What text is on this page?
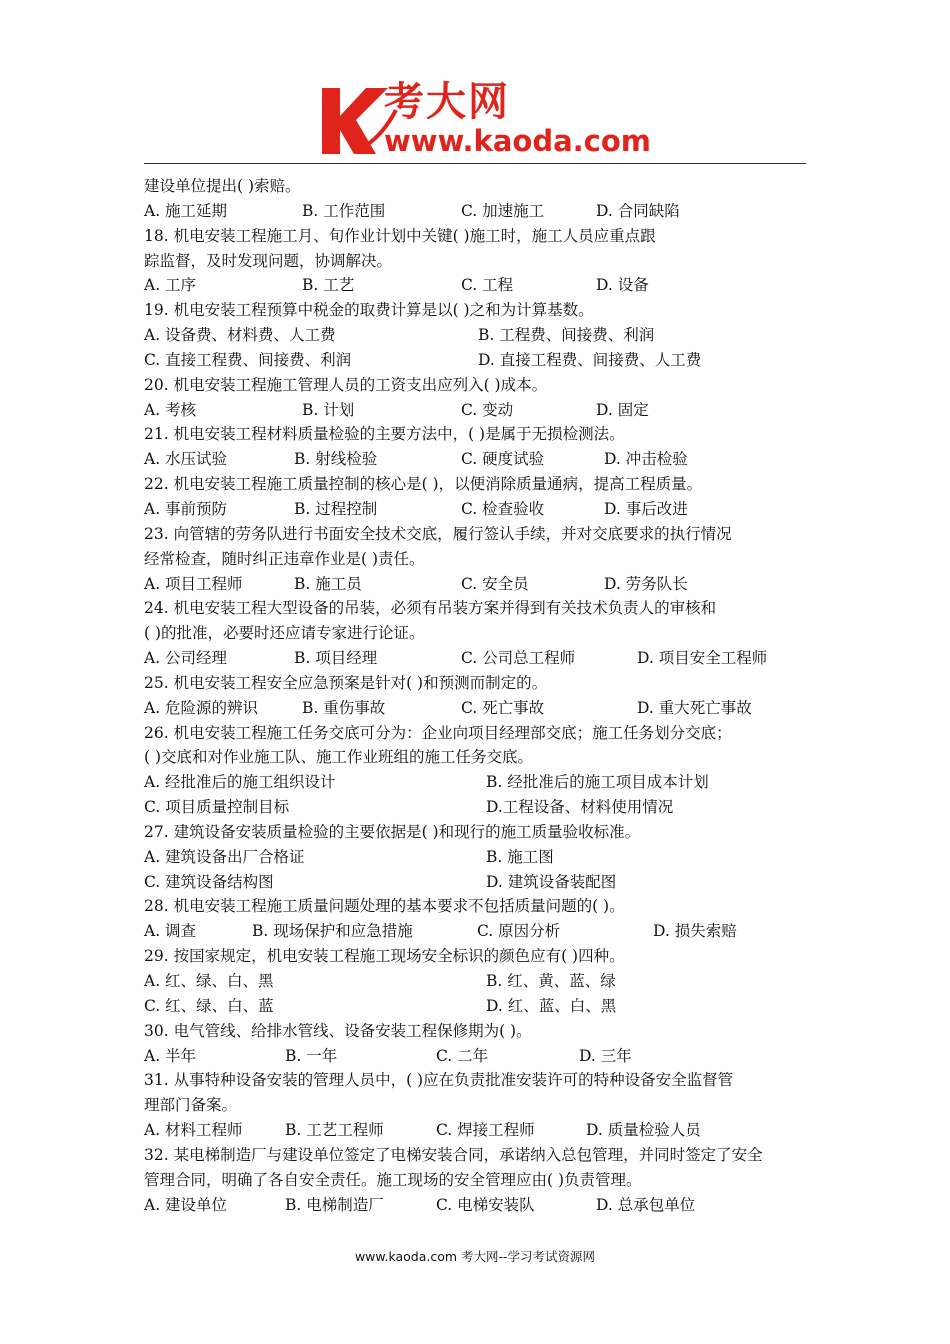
考大网
www.kaoda.com
建设单位提出( )索赔。
A. 施工延期	B. 工作范围	C. 加速施工	D. 合同缺陷
18. 机电安装工程施工月、旬作业计划中关键( )施工时，施工人员应重点跟
踪监督，及时发现问题，协调解决。
A. 工序	B. 工艺	C. 工程	D. 设备
19. 机电安装工程预算中税金的取费计算是以( )之和为计算基数。
A. 设备费、材料费、人工费	B. 工程费、间接费、利润
C. 直接工程费、间接费、利润	D. 直接工程费、间接费、人工费
20. 机电安装工程施工管理人员的工资支出应列入( )成本。
A. 考核	B. 计划	C. 变动	D. 固定
21. 机电安装工程材料质量检验的主要方法中，( )是属于无损检测法。
A. 水压试验	B. 射线检验	C. 硬度试验	D. 冲击检验
22. 机电安装工程施工质量控制的核心是( )，以便消除质量通病，提高工程质量。
A. 事前预防	B. 过程控制	C. 检查验收	D. 事后改进
23. 向管辖的劳务队进行书面安全技术交底，履行签认手续，并对交底要求的执行情况
经常检查，随时纠正违章作业是( )责任。
A. 项目工程师	B. 施工员	C. 安全员	D. 劳务队长
24. 机电安装工程大型设备的吊装，必须有吊装方案并得到有关技术负责人的审核和
( )的批准，必要时还应请专家进行论证。
A. 公司经理	B. 项目经理	C. 公司总工程师	D. 项目安全工程师
25. 机电安装工程安全应急预案是针对( )和预测而制定的。
A. 危险源的辨识	B. 重伤事故	C. 死亡事故	D. 重大死亡事故
26. 机电安装工程施工任务交底可分为：企业向项目经理部交底；施工任务划分交底；
( )交底和对作业施工队、施工作业班组的施工任务交底。
A. 经批准后的施工组织设计	B. 经批准后的施工项目成本计划
C. 项目质量控制目标	D.工程设备、材料使用情况
27. 建筑设备安装质量检验的主要依据是( )和现行的施工质量验收标准。
A. 建筑设备出厂合格证	B. 施工图
C. 建筑设备结构图	D. 建筑设备装配图
28. 机电安装工程施工质量问题处理的基本要求不包括质量问题的( )。
A. 调查	B. 现场保护和应急措施	C. 原因分析	D. 损失索赔
29. 按国家规定，机电安装工程施工现场安全标识的颜色应有( )四种。
A. 红、绿、白、黑	B. 红、黄、蓝、绿
C. 红、绿、白、蓝	D. 红、蓝、白、黑
30. 电气管线、给排水管线、设备安装工程保修期为( )。
A. 半年	B. 一年	C. 二年	D. 三年
31. 从事特种设备安装的管理人员中，( )应在负责批准安装许可的特种设备安全监督管
理部门备案。
A. 材料工程师	B. 工艺工程师	C. 焊接工程师	D. 质量检验人员
32. 某电梯制造厂与建设单位签定了电梯安装合同，承诺纳入总包管理，并同时签定了安全
管理合同，明确了各自安全责任。施工现场的安全管理应由( )负责管理。
A. 建设单位	B. 电梯制造厂	C. 电梯安装队	D. 总承包单位
www.kaoda.com 考大网--学习考试资源网
